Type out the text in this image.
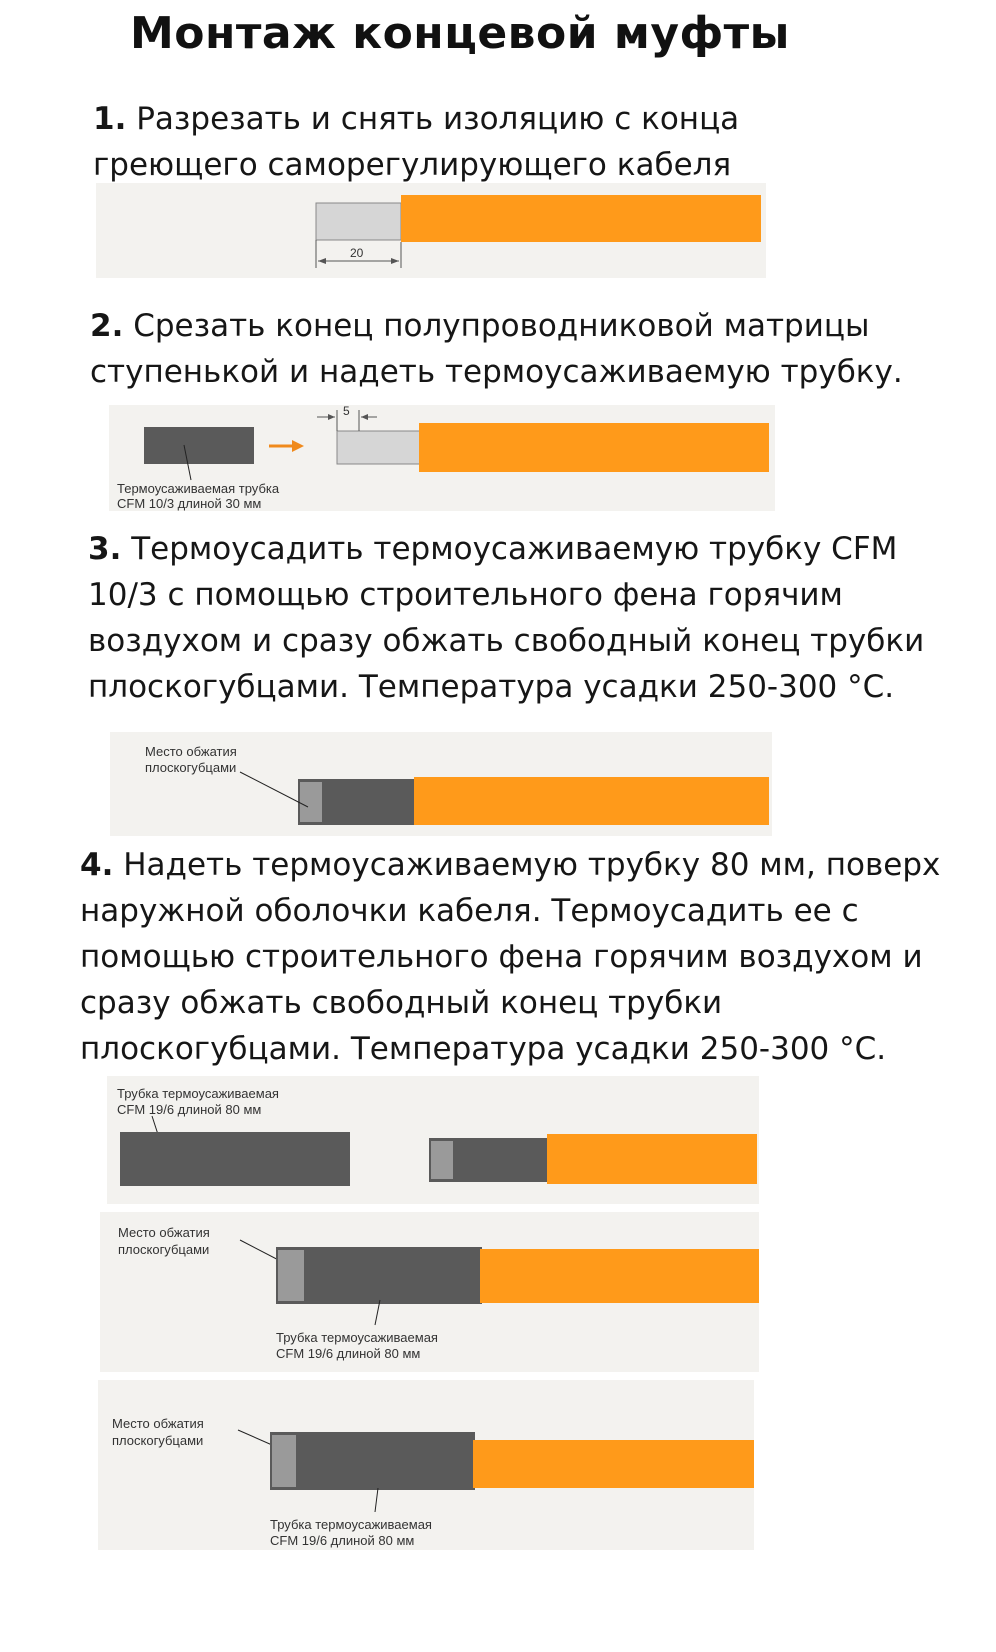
Монтаж концевой муфты

1. Разрезать и снять изоляцию с конца
греющего саморегулирующего кабеля

20

2. Срезать конец полупроводниковой матрицы
ступенькой и надеть термоусаживаемую трубку.

5
Термоусаживаемая трубка
CFM 10/3 длиной 30 мм

3. Термоусадить термоусаживаемую трубку CFM
10/3 с помощью строительного фена горячим
воздухом и сразу обжать свободный конец трубки
плоскогубцами. Температура усадки 250-300 °С.

Место обжатия
плоскогубцами

4. Надеть термоусаживаемую трубку 80 мм, поверх
наружной оболочки кабеля. Термоусадить ее с
помощью строительного фена горячим воздухом и
сразу обжать свободный конец трубки
плоскогубцами. Температура усадки 250-300 °С.

Трубка термоусаживаемая
CFM 19/6 длиной 80 мм
Место обжатия
плоскогубцами
Трубка термоусаживаемая
CFM 19/6 длиной 80 мм
Место обжатия
плоскогубцами
Трубка термоусаживаемая
CFM 19/6 длиной 80 мм
